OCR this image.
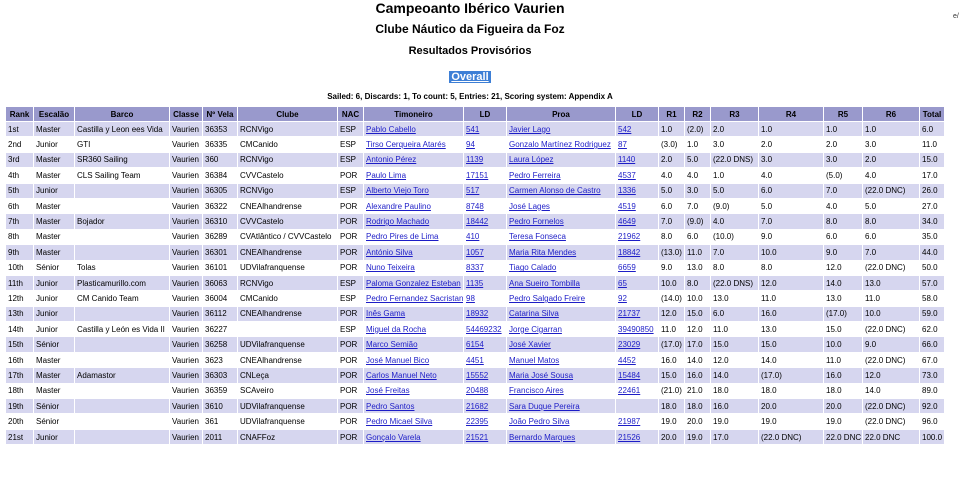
Campeoanto Ibérico Vaurien
Clube Náutico da Figueira da Foz
Resultados Provisórios
Overall
e/
Sailed: 6, Discards: 1, To count: 5, Entries: 21, Scoring system: Appendix A
Rank	Escalão	Barco	Classe	Nº Vela	Clube	NAC	Timoneiro	LD	Proa	LD	R1	R2	R3	R4	R5	R6	Total
1st	Master	Castilla y Leon ees Vida	Vaurien	36353	RCNVigo	ESP	Pablo Cabello	541	Javier Lago	542	1.0	(2.0)	2.0	1.0	1.0	1.0	6.0
2nd	Junior	GTI	Vaurien	36335	CMCanido	ESP	Tirso Cerqueira Atarés	94	Gonzalo Martínez Rodriguez	87	(3.0)	1.0	3.0	2.0	2.0	3.0	11.0
3rd	Master	SR360 Sailing	Vaurien	360	RCNVigo	ESP	Antonio Pérez	1139	Laura López	1140	2.0	5.0	(22.0 DNS)	3.0	3.0	2.0	15.0
4th	Master	CLS Sailing Team	Vaurien	36384	CVVCastelo	POR	Paulo Lima	17151	Pedro Ferreira	4537	4.0	4.0	1.0	4.0	(5.0)	4.0	17.0
5th	Junior		Vaurien	36305	RCNVigo	ESP	Alberto Viejo Toro	517	Carmen Alonso de Castro	1336	5.0	3.0	5.0	6.0	7.0	(22.0 DNC)	26.0
6th	Master		Vaurien	36322	CNEAlhandrense	POR	Alexandre Paulino	8748	José Lages	4519	6.0	7.0	(9.0)	5.0	4.0	5.0	27.0
7th	Master	Bojador	Vaurien	36310	CVVCastelo	POR	Rodrigo Machado	18442	Pedro Fornelos	4649	7.0	(9.0)	4.0	7.0	8.0	8.0	34.0
8th	Master		Vaurien	36289	CVAtlântico / CVVCastelo	POR	Pedro Pires de Lima	410	Teresa Fonseca	21962	8.0	6.0	(10.0)	9.0	6.0	6.0	35.0
9th	Master		Vaurien	36301	CNEAlhandrense	POR	António Silva	1057	Maria Rita Mendes	18842	(13.0)	11.0	7.0	10.0	9.0	7.0	44.0
10th	Sénior	Tolas	Vaurien	36101	UDVilafranquense	POR	Nuno Teixeira	8337	Tiago Calado	6659	9.0	13.0	8.0	8.0	12.0	(22.0 DNC)	50.0
11th	Junior	Plasticamurillo.com	Vaurien	36063	RCNVigo	ESP	Paloma Gonzalez Esteban	1135	Ana Sueiro Tombilla	65	10.0	8.0	(22.0 DNS)	12.0	14.0	13.0	57.0
12th	Junior	CM Canido Team	Vaurien	36004	CMCanido	ESP	Pedro Fernandez Sacristan	98	Pedro Salgado Freire	92	(14.0)	10.0	13.0	11.0	13.0	11.0	58.0
13th	Junior		Vaurien	36112	CNEAlhandrense	POR	Inês Gama	18932	Catarina Silva	21737	12.0	15.0	6.0	16.0	(17.0)	10.0	59.0
14th	Junior	Castilla y León es Vida II	Vaurien	36227		ESP	Miguel da Rocha	54469232	Jorge Cigarran	39490850	11.0	12.0	11.0	13.0	15.0	(22.0 DNC)	62.0
15th	Sénior		Vaurien	36258	UDVilafranquense	POR	Marco Semião	6154	José Xavier	23029	(17.0)	17.0	15.0	15.0	10.0	9.0	66.0
16th	Master		Vaurien	3623	CNEAlhandrense	POR	José Manuel Bico	4451	Manuel Matos	4452	16.0	14.0	12.0	14.0	11.0	(22.0 DNC)	67.0
17th	Master	Adamastor	Vaurien	36303	CNLeça	POR	Carlos Manuel Neto	15552	Maria José Sousa	15484	15.0	16.0	14.0	(17.0)	16.0	12.0	73.0
18th	Master		Vaurien	36359	SCAveiro	POR	José Freitas	20488	Francisco Aires	22461	(21.0)	21.0	18.0	18.0	18.0	14.0	89.0
19th	Sénior		Vaurien	3610	UDVilafranquense	POR	Pedro Santos	21682	Sara Duque Pereira		18.0	18.0	16.0	20.0	20.0	(22.0 DNC)	92.0
20th	Sénior		Vaurien	361	UDVilafranquense	POR	Pedro Micael Silva	22395	João Pedro Silva	21987	19.0	20.0	19.0	19.0	19.0	(22.0 DNC)	96.0
21st	Junior		Vaurien	2011	CNAFFoz	POR	Gonçalo Varela	21521	Bernardo Marques	21526	20.0	19.0	17.0	(22.0 DNC)	22.0 DNC	22.0 DNC	100.0
